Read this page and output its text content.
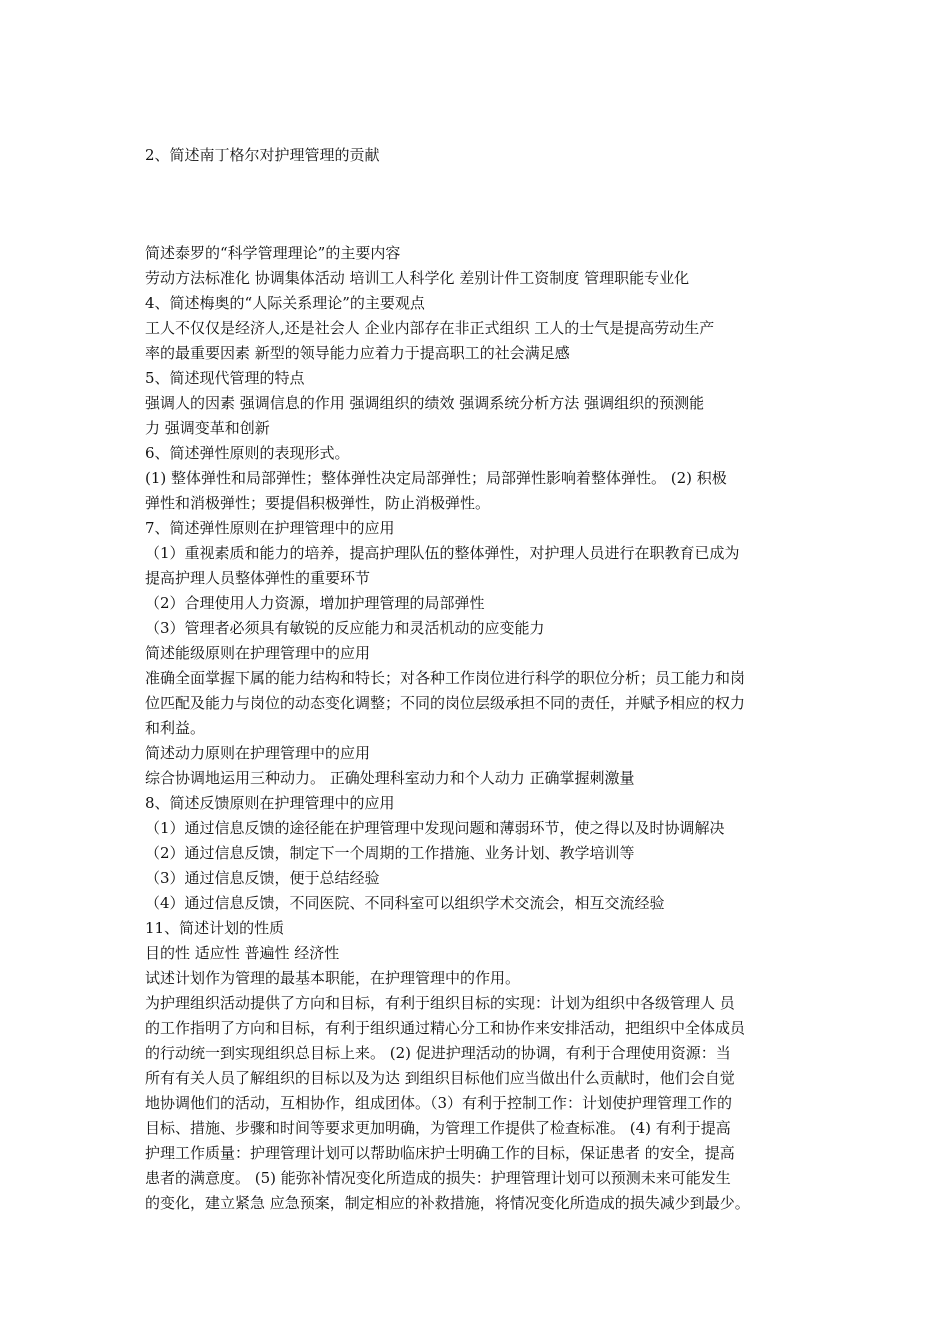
2、简述南丁格尔对护理管理的贡献
简述泰罗的“科学管理理论”的主要内容
劳动方法标准化 协调集体活动 培训工人科学化 差别计件工资制度 管理职能专业化
4、简述梅奥的“人际关系理论”的主要观点
工人不仅仅是经济人,还是社会人 企业内部存在非正式组织 工人的士气是提高劳动生产
率的最重要因素 新型的领导能力应着力于提高职工的社会满足感
5、简述现代管理的特点
强调人的因素 强调信息的作用 强调组织的绩效 强调系统分析方法 强调组织的预测能
力 强调变革和创新
6、简述弹性原则的表现形式。
(1) 整体弹性和局部弹性；整体弹性决定局部弹性；局部弹性影响着整体弹性。 (2) 积极
弹性和消极弹性；要提倡积极弹性，防止消极弹性。
7、简述弹性原则在护理管理中的应用
（1）重视素质和能力的培养，提高护理队伍的整体弹性，对护理人员进行在职教育已成为
提高护理人员整体弹性的重要环节
（2）合理使用人力资源，增加护理管理的局部弹性
（3）管理者必须具有敏锐的反应能力和灵活机动的应变能力
简述能级原则在护理管理中的应用
准确全面掌握下属的能力结构和特长；对各种工作岗位进行科学的职位分析；员工能力和岗
位匹配及能力与岗位的动态变化调整；不同的岗位层级承担不同的责任，并赋予相应的权力
和利益。
简述动力原则在护理管理中的应用
综合协调地运用三种动力。 正确处理科室动力和个人动力 正确掌握刺激量
8、简述反馈原则在护理管理中的应用
（1）通过信息反馈的途径能在护理管理中发现问题和薄弱环节，使之得以及时协调解决
（2）通过信息反馈，制定下一个周期的工作措施、业务计划、教学培训等
（3）通过信息反馈，便于总结经验
（4）通过信息反馈，不同医院、不同科室可以组织学术交流会，相互交流经验
11、简述计划的性质
目的性 适应性 普遍性 经济性
试述计划作为管理的最基本职能，在护理管理中的作用。
为护理组织活动提供了方向和目标，有利于组织目标的实现：计划为组织中各级管理人 员
的工作指明了方向和目标，有利于组织通过精心分工和协作来安排活动，把组织中全体成员
的行动统一到实现组织总目标上来。 (2) 促进护理活动的协调，有利于合理使用资源：当
所有有关人员了解组织的目标以及为达 到组织目标他们应当做出什么贡献时，他们会自觉
地协调他们的活动，互相协作，组成团体。（3）有利于控制工作：计划使护理管理工作的
目标、措施、步骤和时间等要求更加明确，为管理工作提供了检查标准。 (4) 有利于提高
护理工作质量：护理管理计划可以帮助临床护士明确工作的目标，保证患者 的安全，提高
患者的满意度。 (5) 能弥补情况变化所造成的损失：护理管理计划可以预测未来可能发生
的变化，建立紧急 应急预案，制定相应的补救措施，将情况变化所造成的损失减少到最少。
